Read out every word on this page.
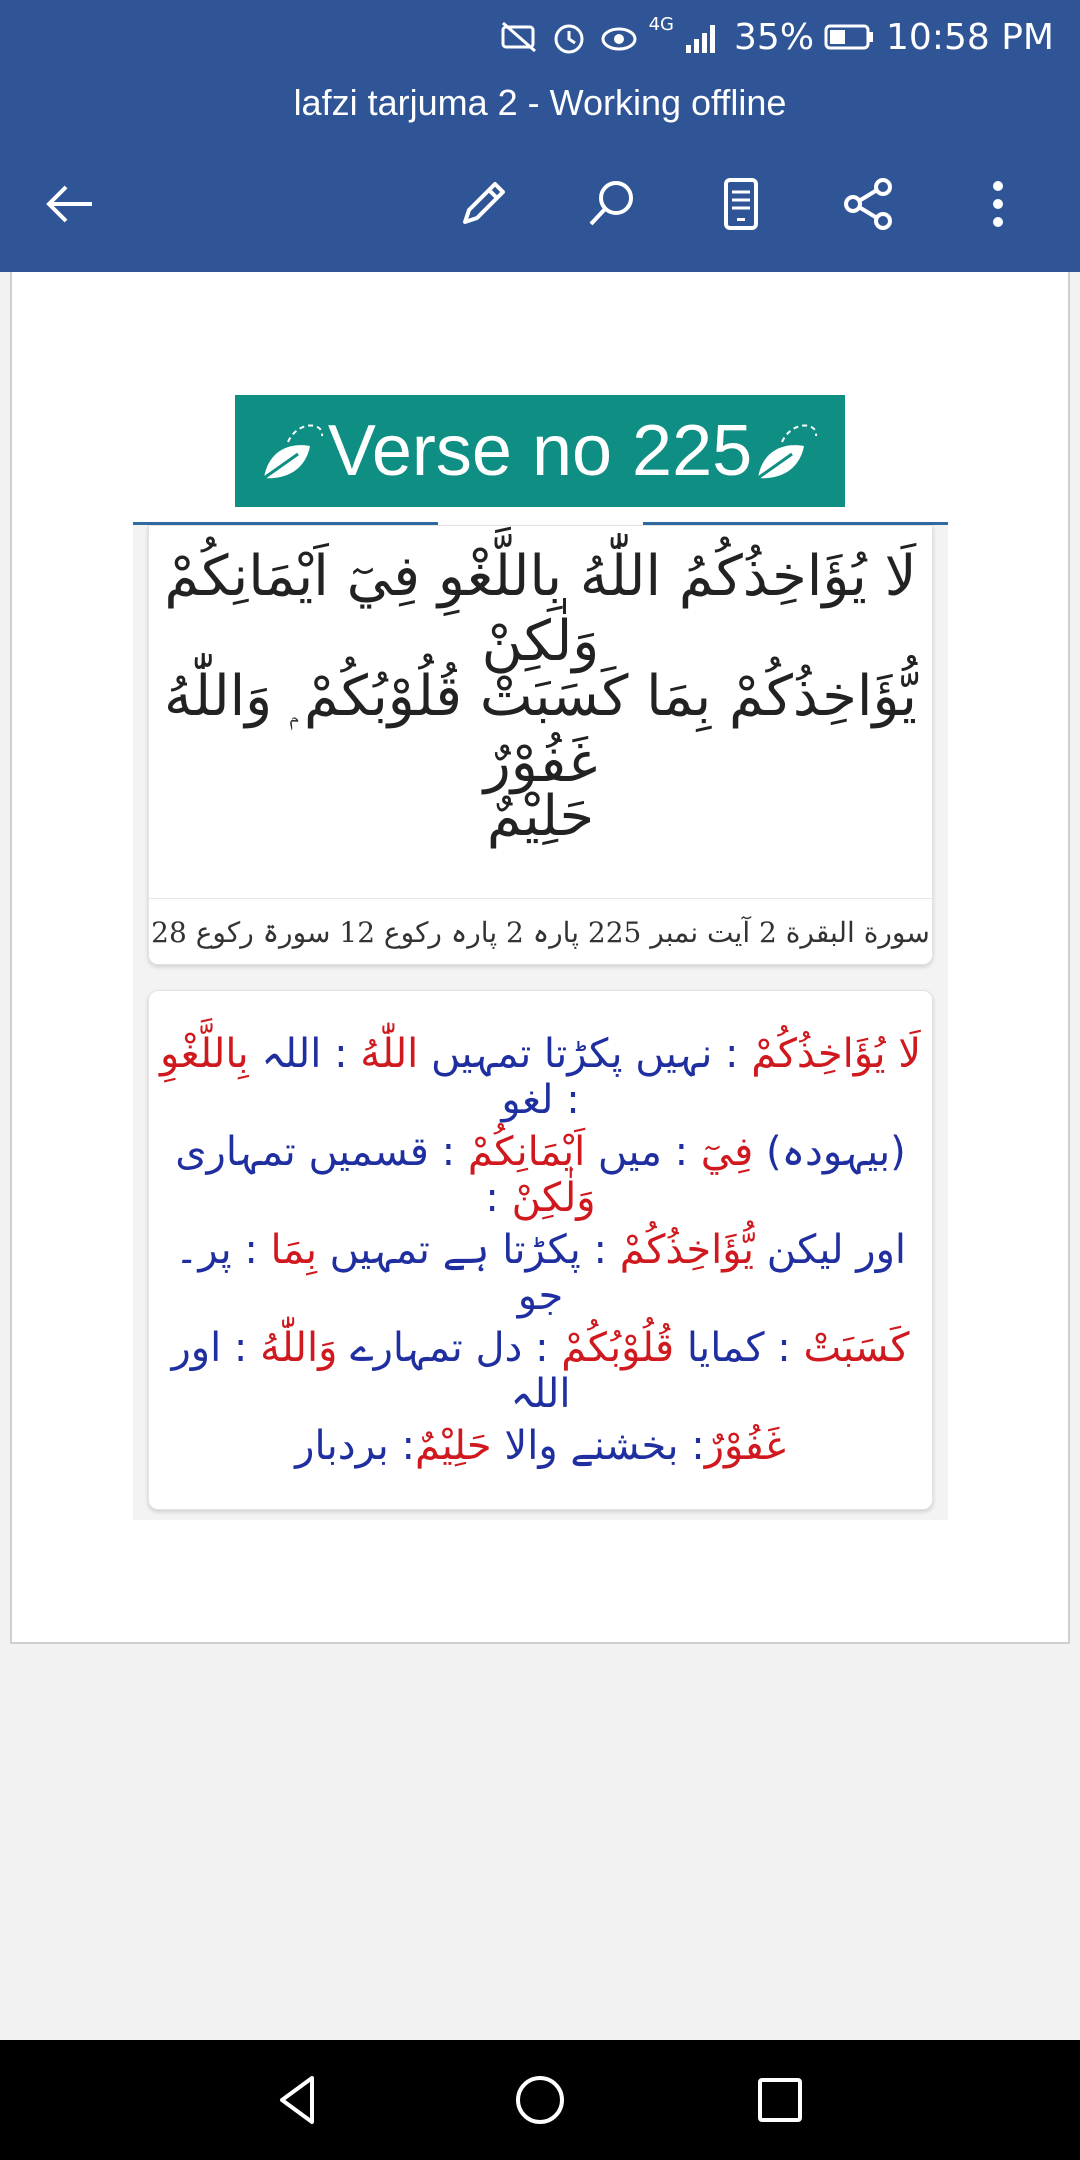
4G 35% 10:58 PM
lafzi tarjuma 2 - Working offline
Verse no 225
لَا يُؤَاخِذُكُمُ اللّٰهُ بِاللَّغْوِ فِيٓ اَيْمَانِكُمْ وَلٰكِنْ
يُّؤَاخِذُكُمْ بِمَا كَسَبَتْ قُلُوْبُكُمْ ۭ وَاللّٰهُ غَفُوْرٌ
حَلِيْمٌ
سورة البقرة 2 آیت نمبر 225 پارہ 2 پارہ رکوع 12 سورۃ رکوع 28
لَا يُؤَاخِذُكُمْ : نہیں پکڑتا تمہیں اللّٰهُ : اللہ بِاللَّغْوِ : لغو
(بیہودہ) فِيٓ : میں اَيْمَانِكُمْ : قسمیں تمہاری وَلٰكِنْ :
اور لیکن يُّؤَاخِذُكُمْ : پکڑتا ہے تمہیں بِمَا : پر۔ جو
كَسَبَتْ : کمایا قُلُوْبُكُمْ : دل تمہارے وَاللّٰهُ : اور اللہ
غَفُوْرٌ: بخشنے والا حَلِيْمٌ: بردبار
